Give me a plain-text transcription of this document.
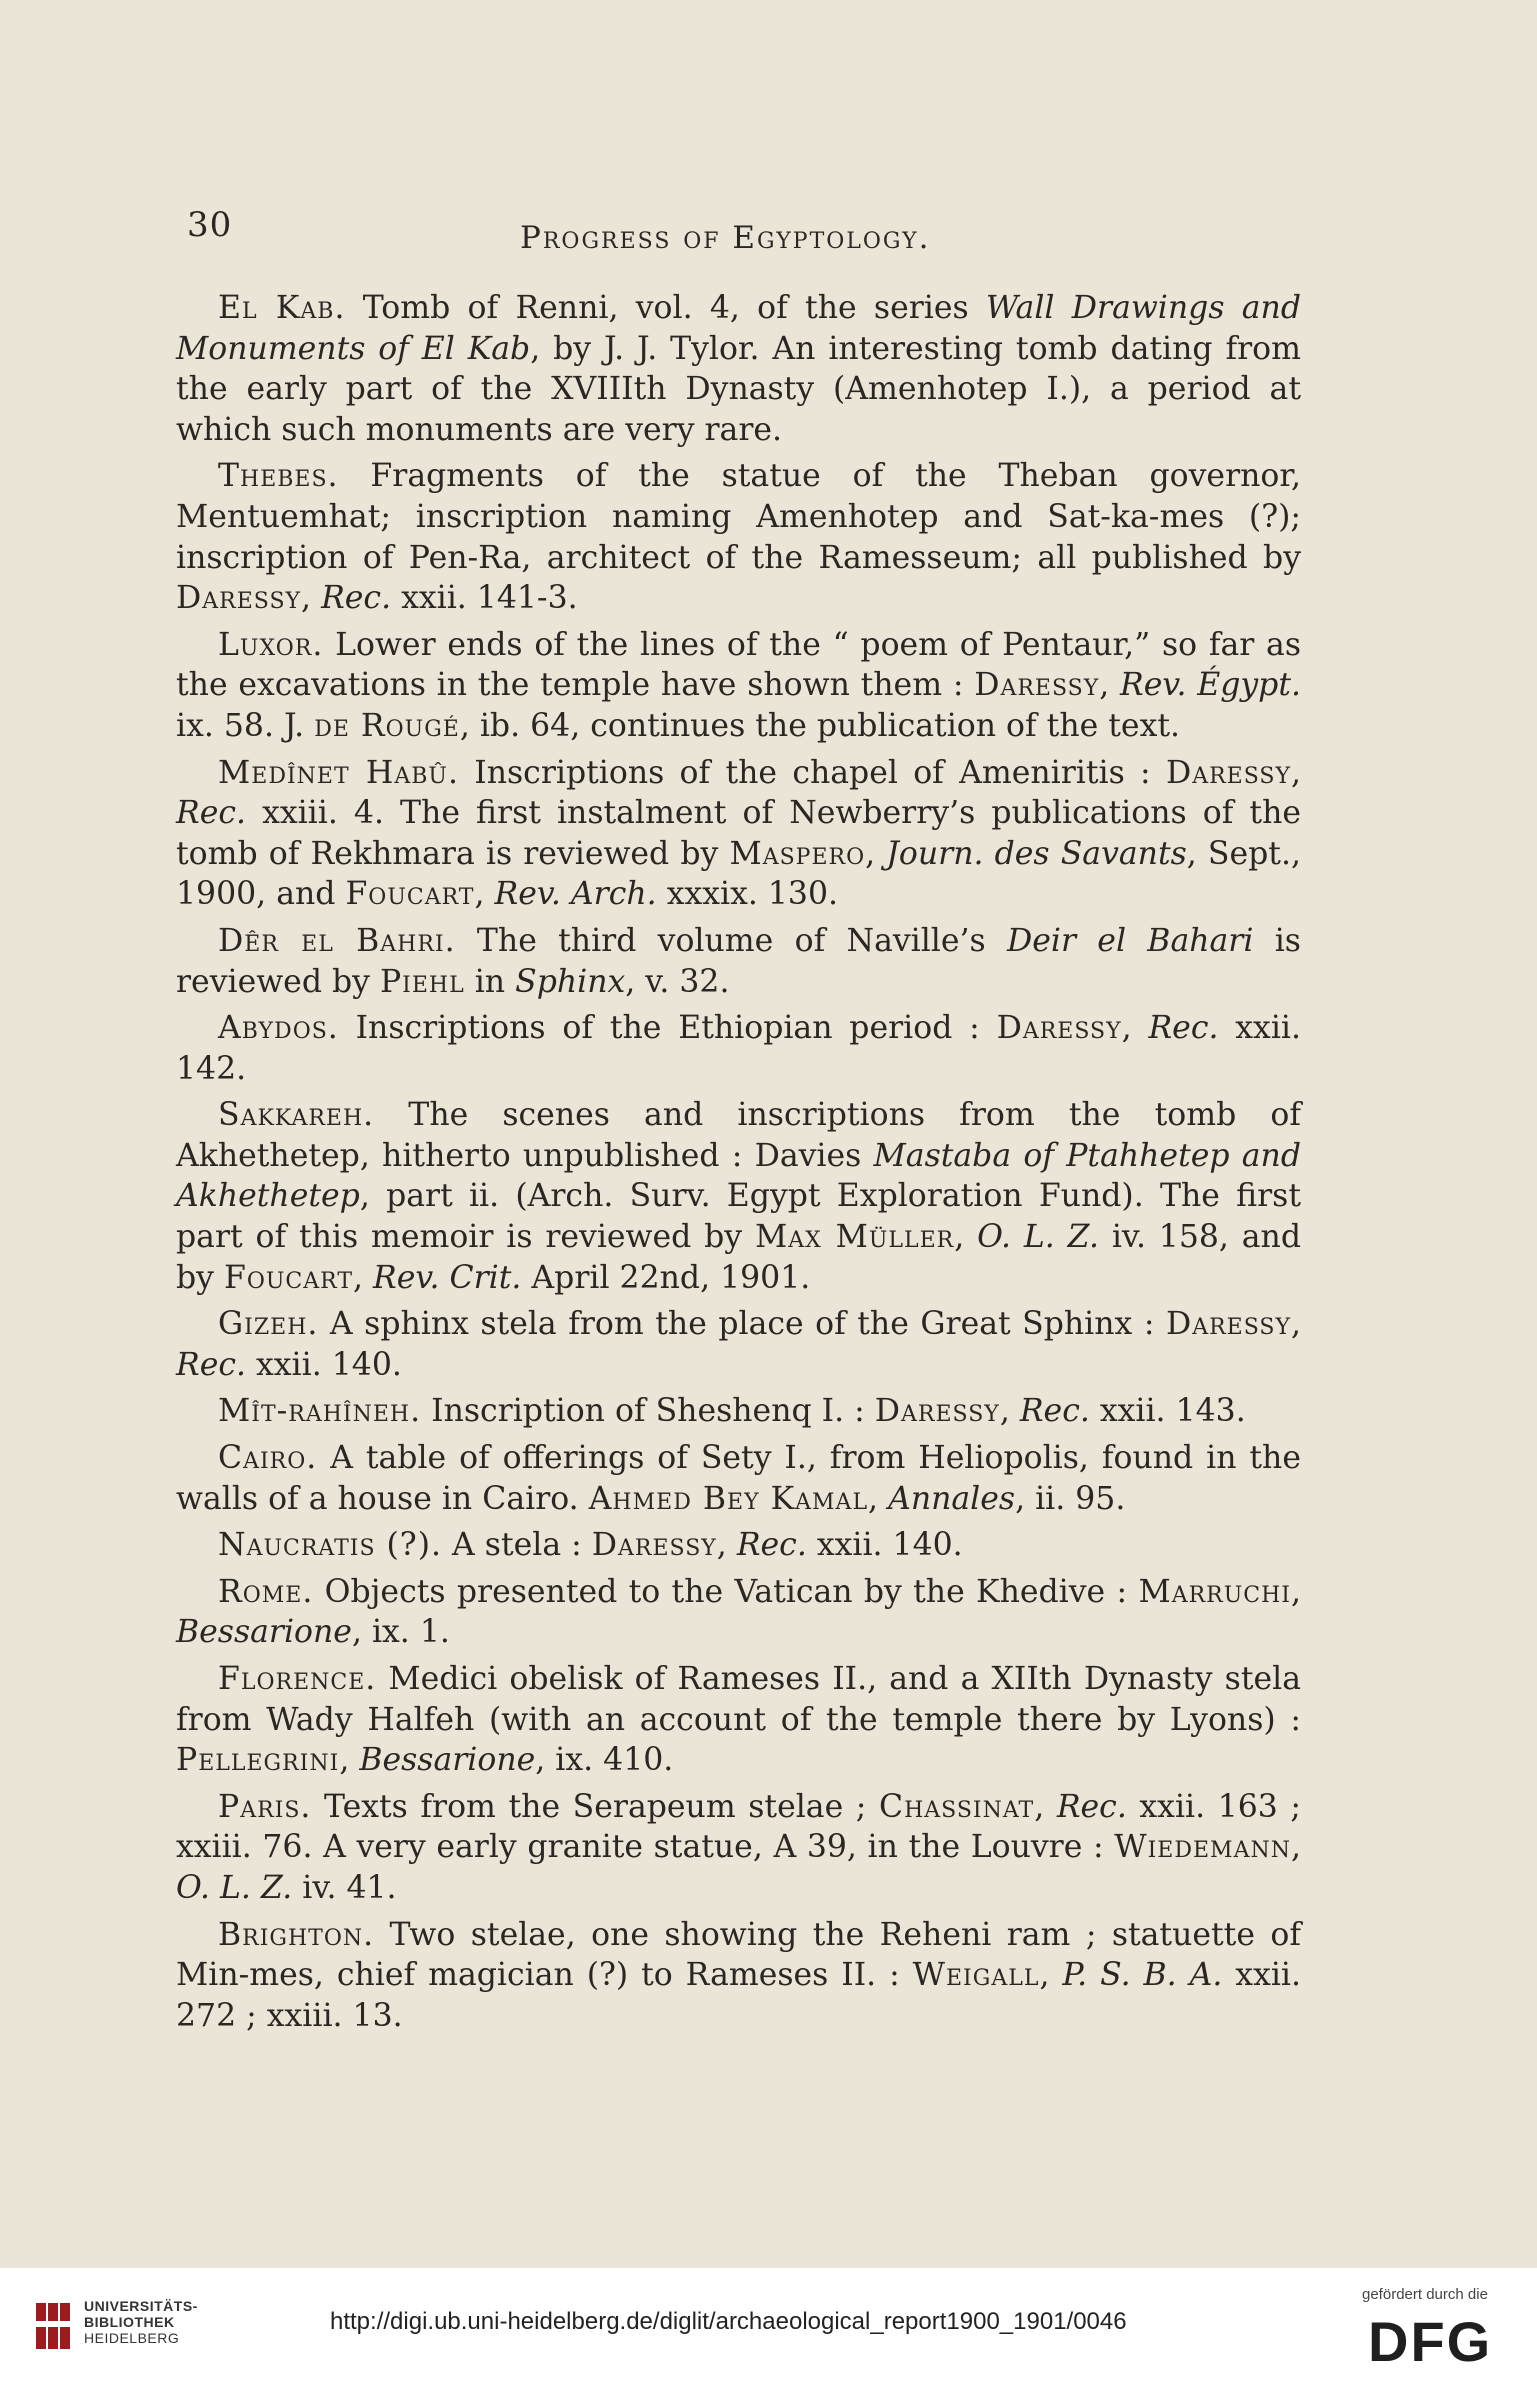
30	Progress of Egyptology.

El Kab. Tomb of Renni, vol. 4, of the series Wall Drawings and Monuments of El Kab, by J. J. Tylor. An interesting tomb dating from the early part of the XVIIIth Dynasty (Amenhotep I.), a period at which such monuments are very rare.

Thebes. Fragments of the statue of the Theban governor, Mentuemhat; inscription naming Amenhotep and Sat-ka-mes (?); inscription of Pen-Ra, architect of the Ramesseum; all published by Daressy, Rec. xxii. 141-3.

Luxor. Lower ends of the lines of the “ poem of Pentaur,” so far as the excavations in the temple have shown them : Daressy, Rev. Égypt. ix. 58. J. de Rougé, ib. 64, continues the publication of the text.

Medînet Habû. Inscriptions of the chapel of Ameniritis : Daressy, Rec. xxiii. 4. The first instalment of Newberry’s publications of the tomb of Rekhmara is reviewed by Maspero, Journ. des Savants, Sept., 1900, and Foucart, Rev. Arch. xxxix. 130.

Dêr el Bahri. The third volume of Naville’s Deir el Bahari is reviewed by Piehl in Sphinx, v. 32.

Abydos. Inscriptions of the Ethiopian period : Daressy, Rec. xxii. 142.

Sakkareh. The scenes and inscriptions from the tomb of Akhethetep, hitherto unpublished : Davies Mastaba of Ptahhetep and Akhethetep, part ii. (Arch. Surv. Egypt Exploration Fund). The first part of this memoir is reviewed by Max Müller, O. L. Z. iv. 158, and by Foucart, Rev. Crit. April 22nd, 1901.

Gizeh. A sphinx stela from the place of the Great Sphinx : Daressy, Rec. xxii. 140.

Mît-rahîneh. Inscription of Sheshenq I. : Daressy, Rec. xxii. 143.

Cairo. A table of offerings of Sety I., from Heliopolis, found in the walls of a house in Cairo. Ahmed Bey Kamal, Annales, ii. 95.

Naucratis (?). A stela : Daressy, Rec. xxii. 140.

Rome. Objects presented to the Vatican by the Khedive : Marruchi, Bessarione, ix. 1.

Florence. Medici obelisk of Rameses II., and a XIIth Dynasty stela from Wady Halfeh (with an account of the temple there by Lyons) : Pellegrini, Bessarione, ix. 410.

Paris. Texts from the Serapeum stelae ; Chassinat, Rec. xxii. 163 ; xxiii. 76. A very early granite statue, A 39, in the Louvre : Wiedemann, O. L. Z. iv. 41.

Brighton. Two stelae, one showing the Reheni ram ; statuette of Min-mes, chief magician (?) to Rameses II. : Weigall, P. S. B. A. xxii. 272 ; xxiii. 13.

UNIVERSITÄTS-
BIBLIOTHEK
HEIDELBERG
http://digi.ub.uni-heidelberg.de/diglit/archaeological_report1900_1901/0046
gefördert durch die
DFG
